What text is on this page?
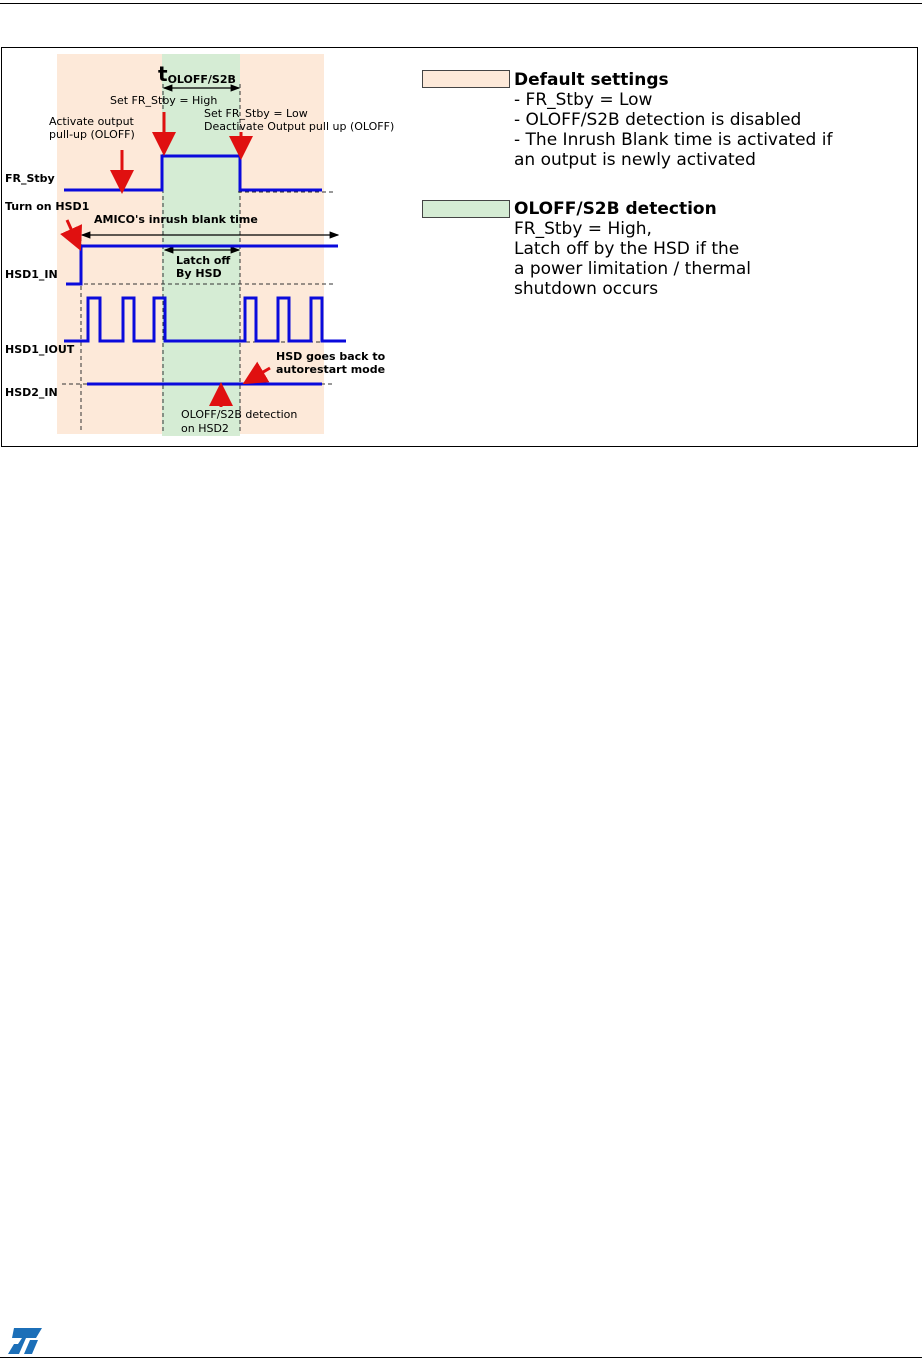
tOLOFF/S2B
Set FR_Stby = High
Set FR_Stby = Low
Deactivate Output pull up (OLOFF)
Activate output
pull-up (OLOFF)
FR_Stby
Turn on HSD1
AMICO's inrush blank time
HSD1_IN
Latch off
By HSD
HSD1_IOUT
HSD goes back to
autorestart mode
HSD2_IN
OLOFF/S2B detection
on HSD2
Default settings
- FR_Stby = Low
- OLOFF/S2B detection is disabled
- The Inrush Blank time is activated if
an output is newly activated
OLOFF/S2B detection
FR_Stby = High,
Latch off by the HSD if the
a power limitation / thermal
shutdown occurs
